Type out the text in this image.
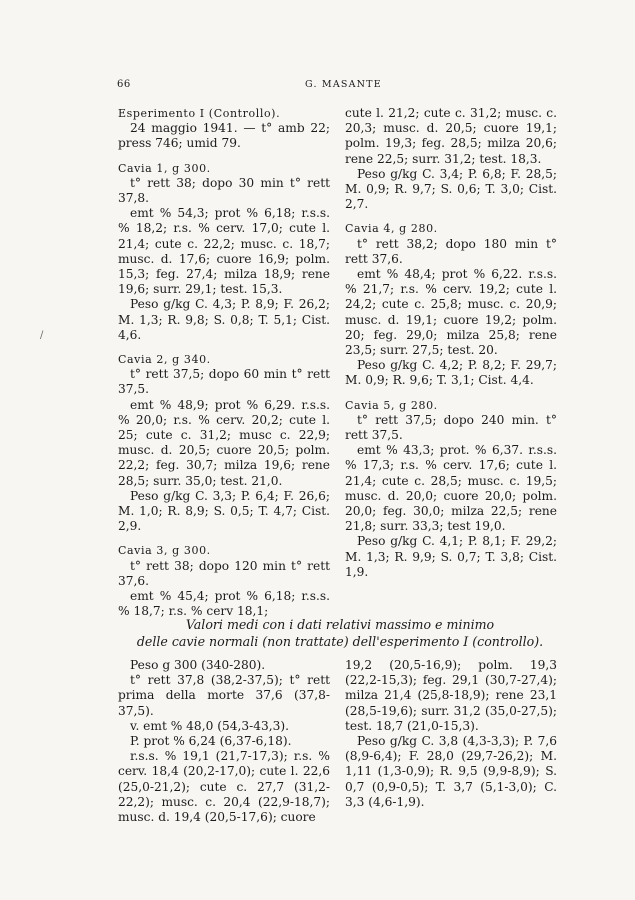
66	G. MASANTE
/
Esperimento I (Controllo).
24 maggio 1941. — t° amb 22; press 746; umid 79.
Cavia 1, g 300.
t° rett 38; dopo 30 min t° rett 37,8.
emt % 54,3; prot % 6,18; r.s.s. % 18,2; r.s. % cerv. 17,0; cute l. 21,4; cute c. 22,2; musc. c. 18,7; musc. d. 17,6; cuore 16,9; polm. 15,3; feg. 27,4; milza 18,9; rene 19,6; surr. 29,1; test. 15,3.
Peso g/kg C. 4,3; P. 8,9; F. 26,2; M. 1,3; R. 9,8; S. 0,8; T. 5,1; Cist. 4,6.
Cavia 2, g 340.
t° rett 37,5; dopo 60 min t° rett 37,5.
emt % 48,9; prot % 6,29. r.s.s. % 20,0; r.s. % cerv. 20,2; cute l. 25; cute c. 31,2; musc c. 22,9; musc. d. 20,5; cuore 20,5; polm. 22,2; feg. 30,7; milza 19,6; rene 28,5; surr. 35,0; test. 21,0.
Peso g/kg C. 3,3; P. 6,4; F. 26,6; M. 1,0; R. 8,9; S. 0,5; T. 4,7; Cist. 2,9.
Cavia 3, g 300.
t° rett 38; dopo 120 min t° rett 37,6.
emt % 45,4; prot % 6,18; r.s.s. % 18,7; r.s. % cerv 18,1;
cute l. 21,2; cute c. 31,2; musc. c. 20,3; musc. d. 20,5; cuore 19,1; polm. 19,3; feg. 28,5; milza 20,6; rene 22,5; surr. 31,2; test. 18,3.
Peso g/kg C. 3,4; P. 6,8; F. 28,5; M. 0,9; R. 9,7; S. 0,6; T. 3,0; Cist. 2,7.
Cavia 4, g 280.
t° rett 38,2; dopo 180 min t° rett 37,6.
emt % 48,4; prot % 6,22. r.s.s. % 21,7; r.s. % cerv. 19,2; cute l. 24,2; cute c. 25,8; musc. c. 20,9; musc. d. 19,1; cuore 19,2; polm. 20; feg. 29,0; milza 25,8; rene 23,5; surr. 27,5; test. 20.
Peso g/kg C. 4,2; P. 8,2; F. 29,7; M. 0,9; R. 9,6; T. 3,1; Cist. 4,4.
Cavia 5, g 280.
t° rett 37,5; dopo 240 min. t° rett 37,5.
emt % 43,3; prot. % 6,37. r.s.s. % 17,3; r.s. % cerv. 17,6; cute l. 21,4; cute c. 28,5; musc. c. 19,5; musc. d. 20,0; cuore 20,0; polm. 20,0; feg. 30,0; milza 22,5; rene 21,8; surr. 33,3; test 19,0.
Peso g/kg C. 4,1; P. 8,1; F. 29,2; M. 1,3; R. 9,9; S. 0,7; T. 3,8; Cist. 1,9.
Valori medi con i dati relativi massimo e minimo
delle cavie normali (non trattate) dell'esperimento I (controllo).
Peso g 300 (340-280).
t° rett 37,8 (38,2-37,5); t° rett prima della morte 37,6 (37,8-37,5).
v. emt % 48,0 (54,3-43,3).
P. prot % 6,24 (6,37-6,18).
r.s.s. % 19,1 (21,7-17,3); r.s. % cerv. 18,4 (20,2-17,0); cute l. 22,6 (25,0-21,2); cute c. 27,7 (31,2-22,2); musc. c. 20,4 (22,9-18,7); musc. d. 19,4 (20,5-17,6); cuore
19,2 (20,5-16,9); polm. 19,3 (22,2-15,3); feg. 29,1 (30,7-27,4); milza 21,4 (25,8-18,9); rene 23,1 (28,5-19,6); surr. 31,2 (35,0-27,5); test. 18,7 (21,0-15,3).
Peso g/kg C. 3,8 (4,3-3,3); P. 7,6 (8,9-6,4); F. 28,0 (29,7-26,2); M. 1,11 (1,3-0,9); R. 9,5 (9,9-8,9); S. 0,7 (0,9-0,5); T. 3,7 (5,1-3,0); C. 3,3 (4,6-1,9).
